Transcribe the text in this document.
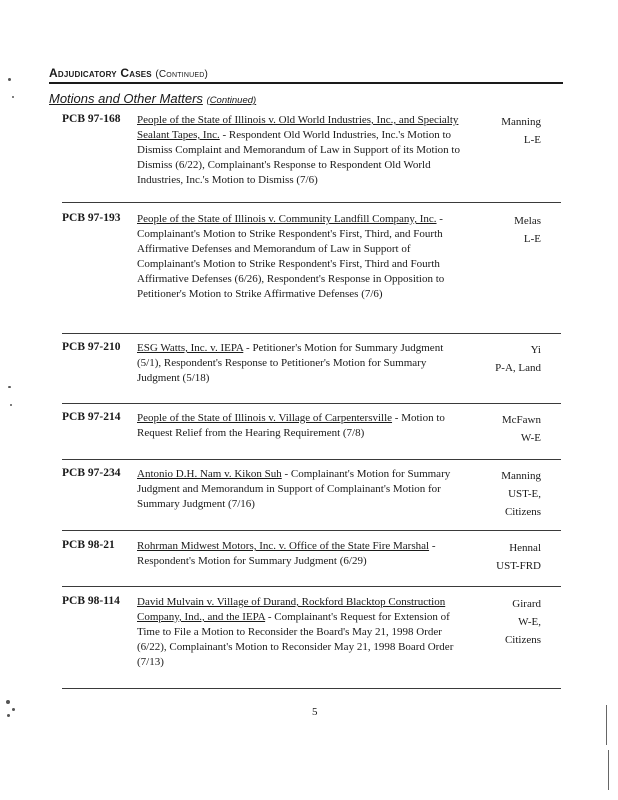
Adjudicatory Cases (Continued)
Motions and Other Matters (Continued)
PCB 97-168 People of the State of Illinois v. Old World Industries, Inc., and Specialty Sealant Tapes, Inc. - Respondent Old World Industries, Inc.'s Motion to Dismiss Complaint and Memorandum of Law in Support of its Motion to Dismiss (6/22), Complainant's Response to Respondent Old World Industries, Inc.'s Motion to Dismiss (7/6)
Manning
L-E
PCB 97-193 People of the State of Illinois v. Community Landfill Company, Inc. - Complainant's Motion to Strike Respondent's First, Third, and Fourth Affirmative Defenses and Memorandum of Law in Support of Complainant's Motion to Strike Respondent's First, Third and Fourth Affirmative Defenses (6/26), Respondent's Response in Opposition to Petitioner's Motion to Strike Affirmative Defenses (7/6)
Melas
L-E
PCB 97-210 ESG Watts, Inc. v. IEPA - Petitioner's Motion for Summary Judgment (5/1), Respondent's Response to Petitioner's Motion for Summary Judgment (5/18)
Yi
P-A, Land
PCB 97-214 People of the State of Illinois v. Village of Carpentersville - Motion to Request Relief from the Hearing Requirement (7/8)
McFawn
W-E
PCB 97-234 Antonio D.H. Nam v. Kikon Suh - Complainant's Motion for Summary Judgment and Memorandum in Support of Complainant's Motion for Summary Judgment (7/16)
Manning
UST-E,
Citizens
PCB 98-21 Rohrman Midwest Motors, Inc. v. Office of the State Fire Marshal - Respondent's Motion for Summary Judgment (6/29)
Hennal
UST-FRD
PCB 98-114 David Mulvain v. Village of Durand, Rockford Blacktop Construction Company, Ind., and the IEPA - Complainant's Request for Extension of Time to File a Motion to Reconsider the Board's May 21, 1998 Order (6/22), Complainant's Motion to Reconsider May 21, 1998 Board Order (7/13)
Girard
W-E,
Citizens
5
